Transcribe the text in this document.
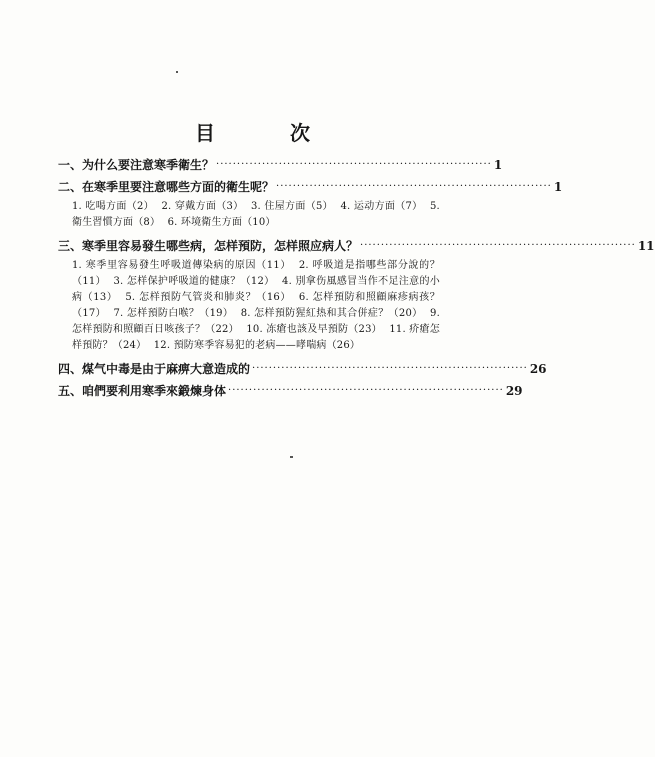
目 次
一、为什么要注意寒季衛生？ ·································································· 1
二、在寒季里要注意哪些方面的衛生呢？ ·································································· 1
1. 吃喝方面（2） 2. 穿戴方面（3） 3. 住屋方面（5） 4. 运动方面（7） 5. 衛生習慣方面（8） 6. 环境衛生方面（10）
三、寒季里容易發生哪些病，怎样預防，怎样照应病人？ ·································································· 11
1. 寒季里容易發生呼吸道傳染病的原因（11） 2. 呼吸道是指哪些部分說的？（11） 3. 怎样保护呼吸道的健康？（12） 4. 別拿伤風感冒当作不足注意的小病（13） 5. 怎样預防气管炎和肺炎？（16） 6. 怎样預防和照顧麻疹病孩？（17） 7. 怎样預防白喉？（19） 8. 怎样預防猩紅热和其合併症？（20） 9. 怎样預防和照顧百日咳孩子？（22） 10. 冻瘡也該及早預防（23） 11. 疥瘡怎样預防？（24） 12. 預防寒季容易犯的老病——哮喘病（26）
四、煤气中毒是由于麻痹大意造成的 ·································································· 26
五、咱們要利用寒季來鍛煉身体 ·································································· 29
